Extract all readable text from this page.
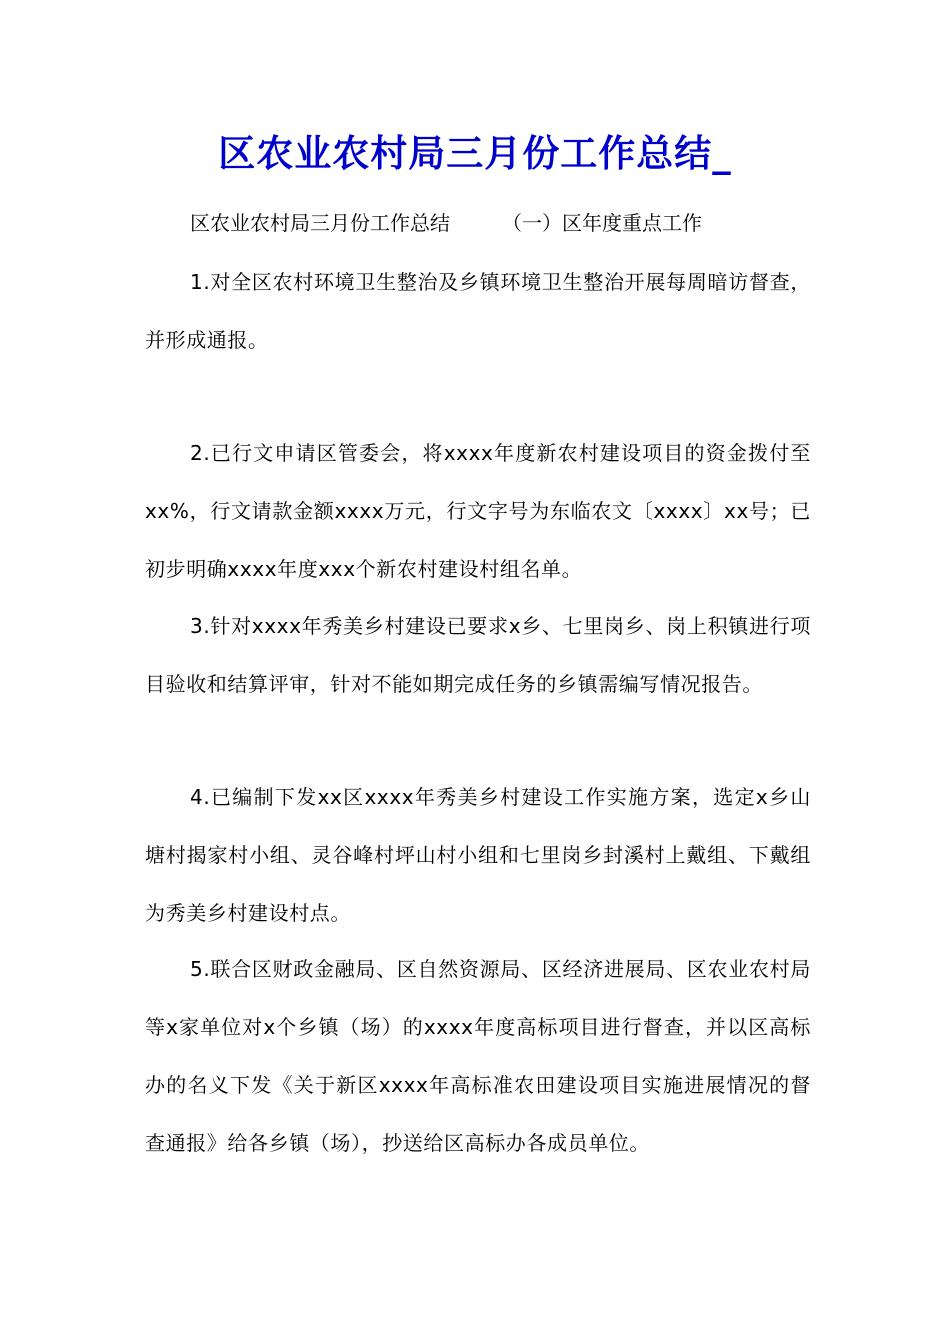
区农业农村局三月份工作总结_
区农业农村局三月份工作总结	（一）区年度重点工作

1.对全区农村环境卫生整治及乡镇环境卫生整治开展每周暗访督查，并形成通报。

2.已行文申请区管委会，将xxxx年度新农村建设项目的资金拨付至xx%，行文请款金额xxxx万元，行文字号为东临农文〔xxxx〕xx号；已初步明确xxxx年度xxx个新农村建设村组名单。

3.针对xxxx年秀美乡村建设已要求x乡、七里岗乡、岗上积镇进行项目验收和结算评审，针对不能如期完成任务的乡镇需编写情况报告。

4.已编制下发xx区xxxx年秀美乡村建设工作实施方案，选定x乡山塘村揭家村小组、灵谷峰村坪山村小组和七里岗乡封溪村上戴组、下戴组为秀美乡村建设村点。

5.联合区财政金融局、区自然资源局、区经济进展局、区农业农村局等x家单位对x个乡镇（场）的xxxx年度高标项目进行督查，并以区高标办的名义下发《关于新区xxxx年高标准农田建设项目实施进展情况的督查通报》给各乡镇（场），抄送给区高标办各成员单位。
